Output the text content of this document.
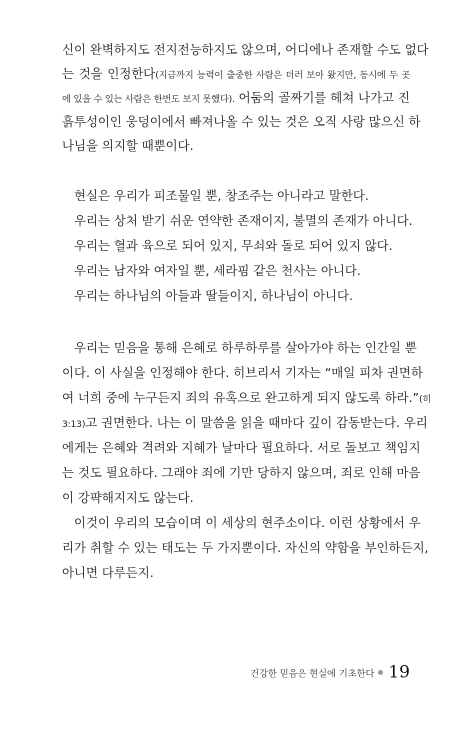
신이 완벽하지도 전지전능하지도 않으며, 어디에나 존재할 수도 없다
는 것을 인정한다(지금까지 능력이 출중한 사람은 더러 보아 왔지만, 동시에 두 곳
에 있을 수 있는 사람은 한번도 보지 못했다). 어둠의 골짜기를 헤쳐 나가고 진
흙투성이인 웅덩이에서 빠져나올 수 있는 것은 오직 사랑 많으신 하
나님을 의지할 때뿐이다.
현실은 우리가 피조물일 뿐, 창조주는 아니라고 말한다.
우리는 상처 받기 쉬운 연약한 존재이지, 불멸의 존재가 아니다.
우리는 혈과 육으로 되어 있지, 무쇠와 돌로 되어 있지 않다.
우리는 남자와 여자일 뿐, 세라핌 같은 천사는 아니다.
우리는 하나님의 아들과 딸들이지, 하나님이 아니다.
우리는 믿음을 통해 은혜로 하루하루를 살아가야 하는 인간일 뿐
이다. 이 사실을 인정해야 한다. 히브리서 기자는 “매일 피차 권면하
여 너희 중에 누구든지 죄의 유혹으로 완고하게 되지 않도록 하라.”(히
3:13)고 권면한다. 나는 이 말씀을 읽을 때마다 깊이 감동받는다. 우리
에게는 은혜와 격려와 지혜가 날마다 필요하다. 서로 돌보고 책임지
는 것도 필요하다. 그래야 죄에 기만 당하지 않으며, 죄로 인해 마음
이 강퍅해지지도 않는다.
이것이 우리의 모습이며 이 세상의 현주소이다. 이런 상황에서 우
리가 취할 수 있는 태도는 두 가지뿐이다. 자신의 약함을 부인하든지,
아니면 다루든지.
건강한 믿음은 현실에 기초한다 19
